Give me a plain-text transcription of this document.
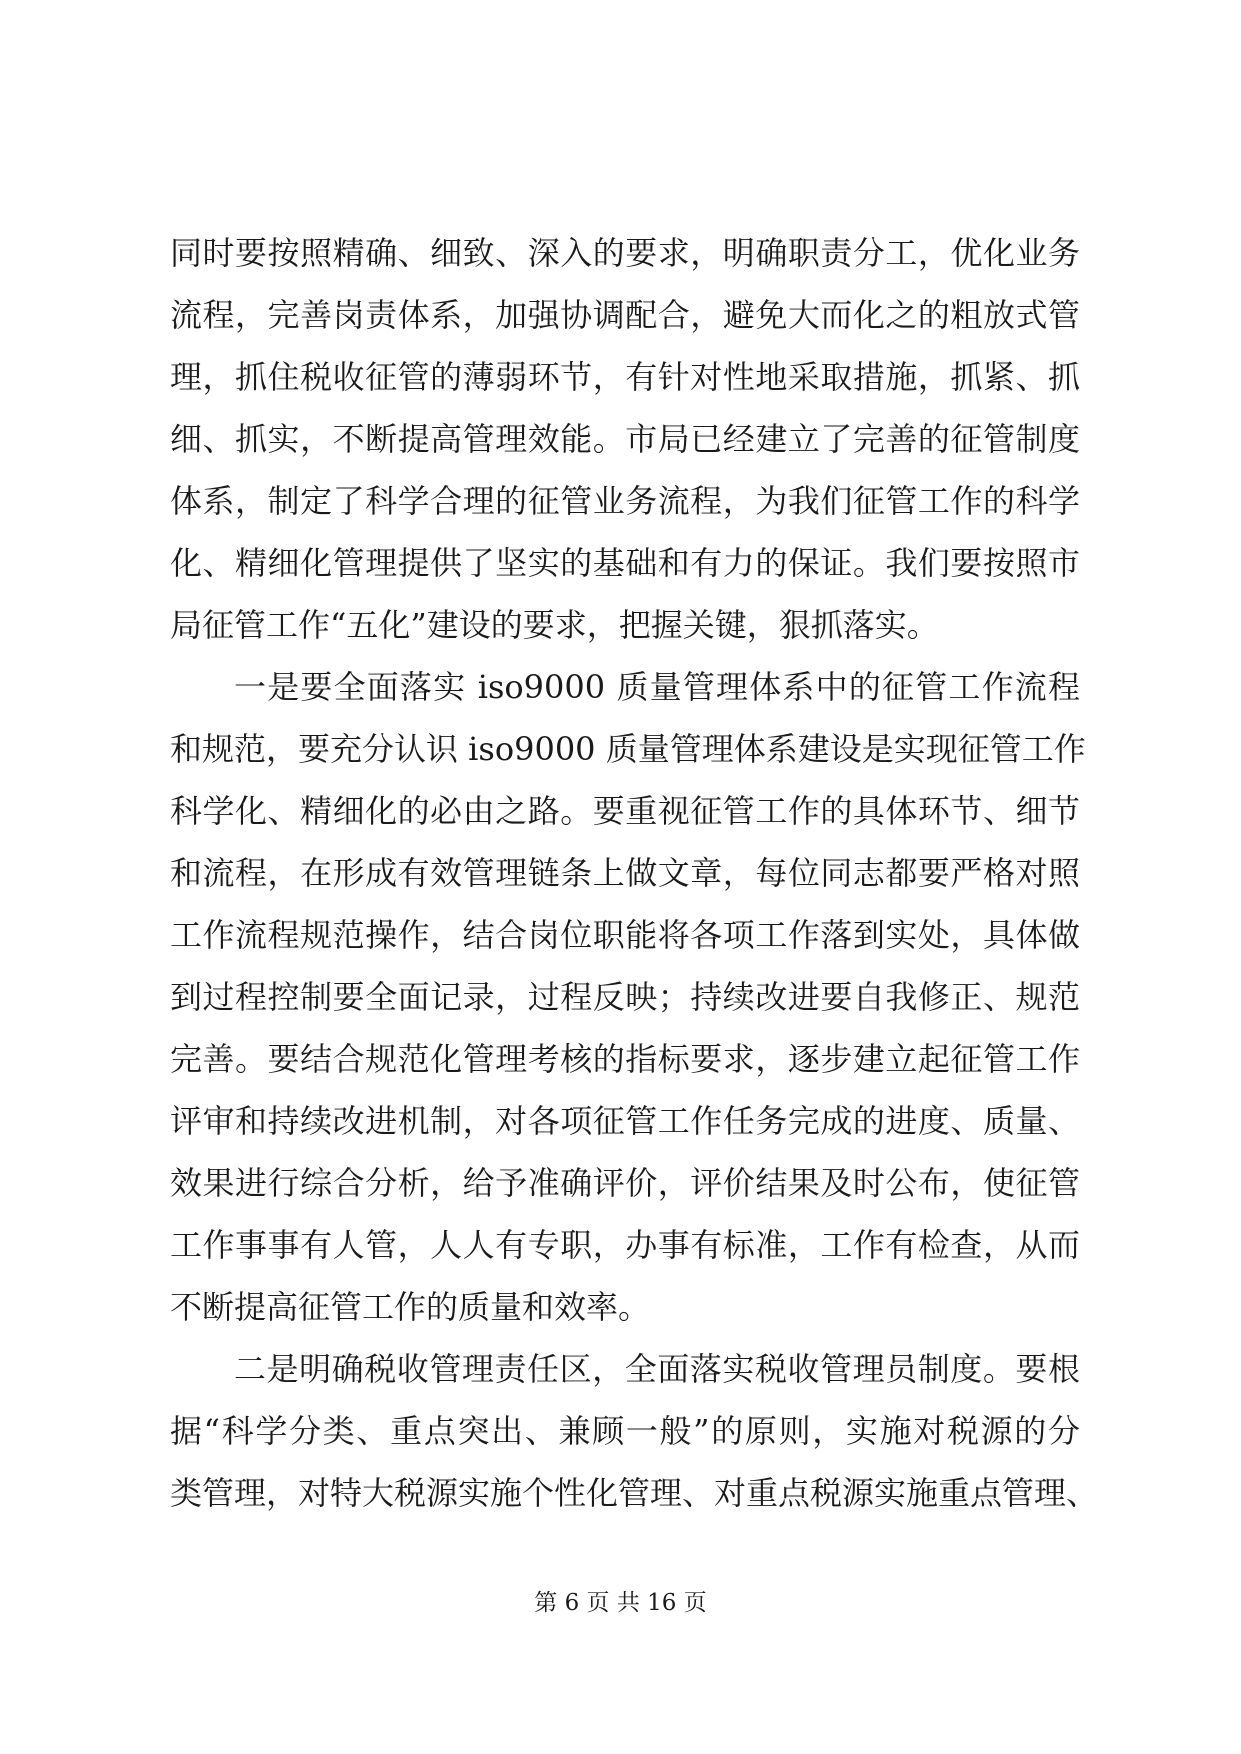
同时要按照精确、细致、深入的要求，明确职责分工，优化业务
流程，完善岗责体系，加强协调配合，避免大而化之的粗放式管
理，抓住税收征管的薄弱环节，有针对性地采取措施，抓紧、抓
细、抓实，不断提高管理效能。市局已经建立了完善的征管制度
体系，制定了科学合理的征管业务流程，为我们征管工作的科学
化、精细化管理提供了坚实的基础和有力的保证。我们要按照市
局征管工作“五化”建设的要求，把握关键，狠抓落实。
一是要全面落实 iso9000 质量管理体系中的征管工作流程
和规范，要充分认识 iso9000 质量管理体系建设是实现征管工作
科学化、精细化的必由之路。要重视征管工作的具体环节、细节
和流程，在形成有效管理链条上做文章，每位同志都要严格对照
工作流程规范操作，结合岗位职能将各项工作落到实处，具体做
到过程控制要全面记录，过程反映；持续改进要自我修正、规范
完善。要结合规范化管理考核的指标要求，逐步建立起征管工作
评审和持续改进机制，对各项征管工作任务完成的进度、质量、
效果进行综合分析，给予准确评价，评价结果及时公布，使征管
工作事事有人管，人人有专职，办事有标准，工作有检查，从而
不断提高征管工作的质量和效率。
二是明确税收管理责任区，全面落实税收管理员制度。要根
据“科学分类、重点突出、兼顾一般”的原则，实施对税源的分
类管理，对特大税源实施个性化管理、对重点税源实施重点管理、
第 6 页 共 16 页
